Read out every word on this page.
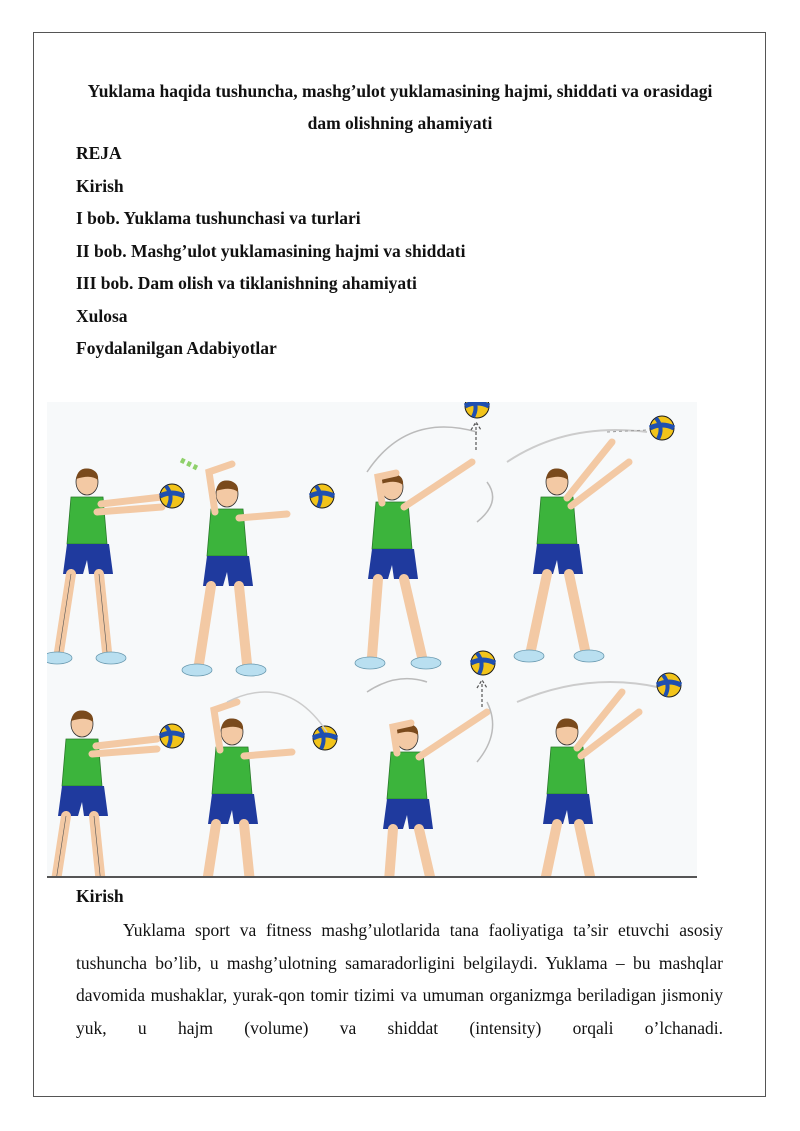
Yuklama haqida tushuncha, mashg’ulot yuklamasining hajmi, shiddati va orasidagi dam olishning ahamiyati
REJA
Kirish
I bob. Yuklama tushunchasi va turlari
II bob. Mashg’ulot yuklamasining hajmi va shiddati
III bob. Dam olish va tiklanishning ahamiyati
Xulosa
Foydalanilgan Adabiyotlar
Kirish
Yuklama sport va fitness mashg’ulotlarida tana faoliyatiga ta’sir etuvchi asosiy tushuncha bo’lib, u mashg’ulotning samaradorligini belgilaydi. Yuklama – bu mashqlar davomida mushaklar, yurak-qon tomir tizimi va umuman organizmga beriladigan jismoniy yuk, u hajm (volume) va shiddat (intensity) orqali o’lchanadi.
